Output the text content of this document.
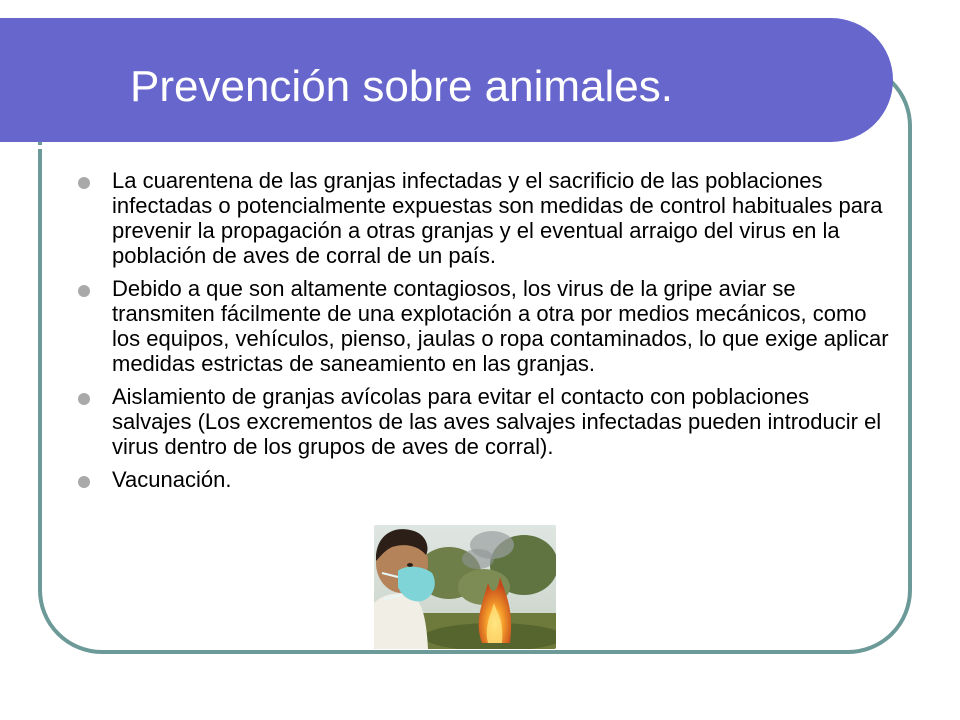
Prevención sobre animales.
La cuarentena de las granjas infectadas y el sacrificio de las poblaciones infectadas o potencialmente expuestas son medidas de control habituales para prevenir la propagación a otras granjas y el eventual arraigo del virus en la población de aves de corral de un país.
Debido a que son altamente contagiosos, los virus de la gripe aviar se transmiten fácilmente de una explotación a otra por medios mecánicos, como los equipos, vehículos, pienso, jaulas o ropa contaminados, lo que exige aplicar medidas estrictas de saneamiento en las granjas.
Aislamiento de granjas avícolas para evitar el contacto con poblaciones salvajes (Los excrementos de las aves salvajes infectadas pueden introducir el virus dentro de los grupos de aves de corral).
Vacunación.
